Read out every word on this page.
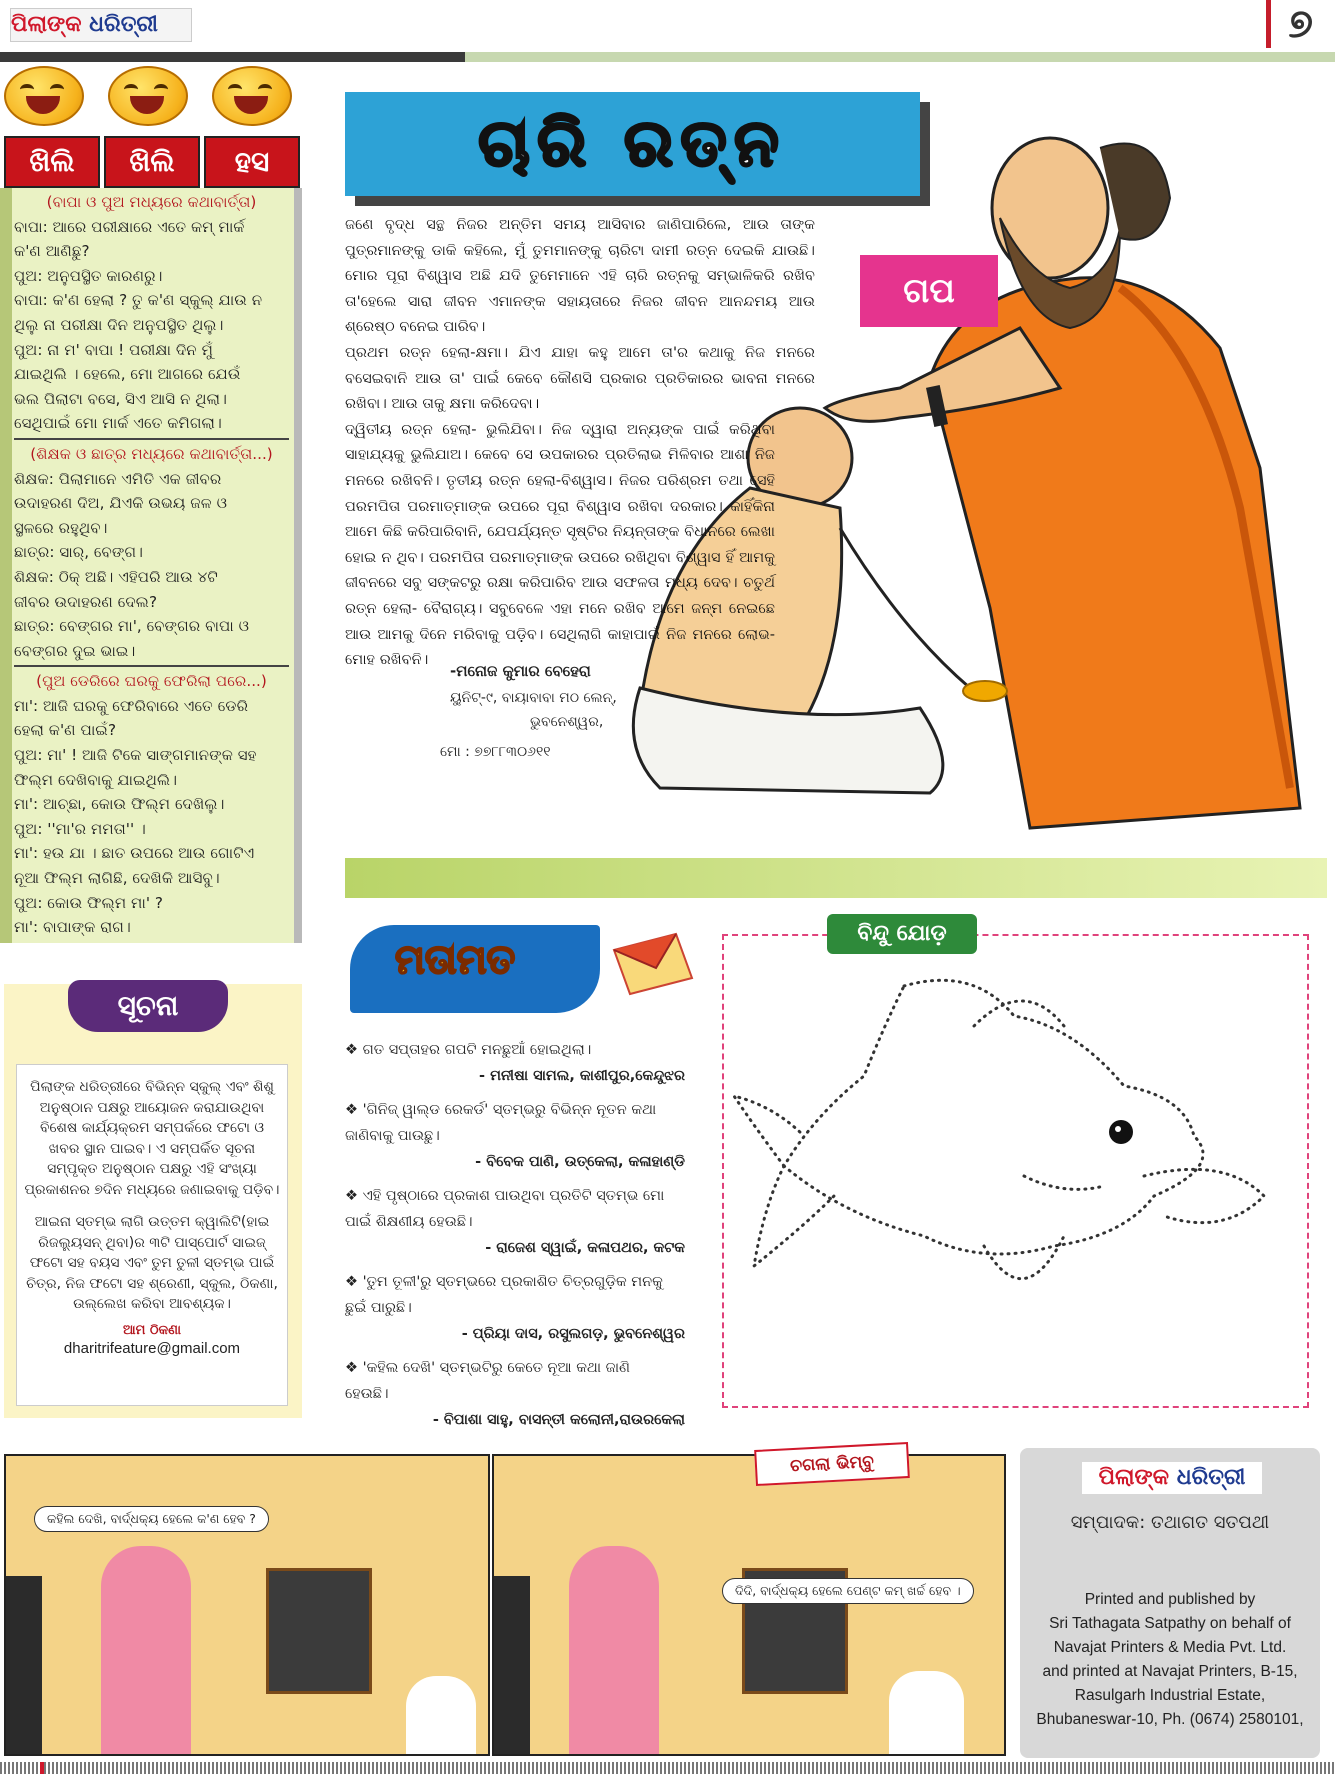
ପିଲାଙ୍କ ଧରିତ୍ରୀ	୭
ଖିଲି	ଖିଲି	ହସ
(ବାପା ଓ ପୁଅ ମଧ୍ୟରେ କଥାବାର୍ତ୍ତା)
ବାପା: ଆରେ ପରୀକ୍ଷାରେ ଏତେ କମ୍ ମାର୍କ
କ'ଣ ଆଣିଛୁ?
ପୁଅ: ଅନୁପସ୍ଥିତ କାରଣରୁ।
ବାପା: କ'ଣ ହେଲା ? ତୁ କ'ଣ ସ୍କୁଲ୍ ଯାଉ ନ
ଥିଲୁ ନା ପରୀକ୍ଷା ଦିନ ଅନୁପସ୍ଥିତ ଥିଲୁ।
ପୁଅ: ନା ମ' ବାପା ! ପରୀକ୍ଷା ଦିନ ମୁଁ
ଯାଇଥିଲି । ହେଲେ, ମୋ ଆଗରେ ଯେଉଁ
ଭଲ ପିଲାଟା ବସେ, ସିଏ ଆସି ନ ଥିଲା।
ସେଥିପାଇଁ ମୋ ମାର୍କ ଏତେ କମିଗଲା।
(ଶିକ୍ଷକ ଓ ଛାତ୍ର ମଧ୍ୟରେ କଥାବାର୍ତ୍ତା...)
ଶିକ୍ଷକ: ପିଲାମାନେ ଏମିତି ଏକ ଜୀବର
ଉଦାହରଣ ଦିଅ, ଯିଏକି ଉଭୟ ଜଳ ଓ
ସ୍ଥଳରେ ରହୁଥିବ।
ଛାତ୍ର: ସାର୍, ବେଙ୍ଗ।
ଶିକ୍ଷକ: ଠିକ୍ ଅଛି। ଏହିପରି ଆଉ ୪ଟି
ଜୀବର ଉଦାହରଣ ଦେଲ?
ଛାତ୍ର: ବେଙ୍ଗର ମା', ବେଙ୍ଗର ବାପା ଓ
ବେଙ୍ଗର ଦୁଇ ଭାଇ।
(ପୁଅ ଡେରିରେ ଘରକୁ ଫେରିଲା ପରେ...)
ମା': ଆଜି ଘରକୁ ଫେରିବାରେ ଏତେ ଡେରି
ହେଲା କ'ଣ ପାଇଁ?
ପୁଅ: ମା' ! ଆଜି ଟିକେ ସାଙ୍ଗମାନଙ୍କ ସହ
ଫିଲ୍ମ ଦେଖିବାକୁ ଯାଇଥିଲି।
ମା': ଆଚ୍ଛା, କୋଉ ଫିଲ୍ମ ଦେଖିଲୁ।
ପୁଅ: ''ମା'ର ମମତା'' ।
ମା': ହଉ ଯା । ଛାତ ଉପରେ ଆଉ ଗୋଟିଏ
ନୂଆ ଫିଲ୍ମ ଲାଗିଛି, ଦେଖିକି ଆସିବୁ।
ପୁଅ: କୋଉ ଫିଲ୍ମ ମା' ?
ମା': ବାପାଙ୍କ ରାଗ।
ସୂଚନା
ପିଲାଙ୍କ ଧରିତ୍ରୀରେ ବିଭିନ୍ନ ସ୍କୁଲ୍ ଏବଂ ଶିଶୁ ଅନୁଷ୍ଠାନ ପକ୍ଷରୁ ଆୟୋଜନ କରାଯାଉଥିବା ବିଶେଷ କାର୍ଯ୍ୟକ୍ରମ ସମ୍ପର୍କରେ ଫଟୋ ଓ ଖବର ସ୍ଥାନ ପାଇବ। ଏ ସମ୍ପର୍କିତ ସୂଚନା ସମ୍ପୃକ୍ତ ଅନୁଷ୍ଠାନ ପକ୍ଷରୁ ଏହି ସଂଖ୍ୟା ପ୍ରକାଶନର ୭ଦିନ ମଧ୍ୟରେ ଜଣାଇବାକୁ ପଡ଼ିବ।
ଆଇନା ସ୍ତମ୍ଭ ଲାଗି ଉତ୍ତମ କ୍ୱାଲିଟି(ହାଇ ରିଜଲ୍ୟୁସନ୍ ଥିବା)ର ୩ଟି ପାସ୍‌ପୋର୍ଟ ସାଇଜ୍ ଫଟୋ ସହ ବୟସ ଏବଂ ତୁମ ତୁଳୀ ସ୍ତମ୍ଭ ପାଇଁ ଚିତ୍ର, ନିଜ ଫଟୋ ସହ ଶ୍ରେଣୀ, ସ୍କୁଲ, ଠିକଣା, ଉଲ୍ଲେଖ କରିବା ଆବଶ୍ୟକ।
ଆମ ଠିକଣା
dharitrifeature@gmail.com
ଚାରି ରତ୍ନ
ଗପ

ଜଣେ ବୃଦ୍ଧ ସନ୍ଥ ନିଜର ଅନ୍ତିମ ସମୟ ଆସିବାର ଜାଣିପାରିଲେ, ଆଉ ତାଙ୍କ ପୁତ୍ରମାନଙ୍କୁ ଡାକି କହିଲେ, ମୁଁ ତୁମମାନଙ୍କୁ ଚାରିଟା ଦାମୀ ରତ୍ନ ଦେଇକି ଯାଉଛି। ମୋର ପୂରା ବିଶ୍ୱାସ ଅଛି ଯଦି ତୁମେମାନେ ଏହି ଚାରି ରତ୍ନକୁ ସମ୍ଭାଳିକରି ରଖିବ ତା'ହେଲେ ସାରା ଜୀବନ ଏମାନଙ୍କ ସହାୟତାରେ ନିଜର ଜୀବନ ଆନନ୍ଦମୟ ଆଉ ଶ୍ରେଷ୍ଠ ବନେଇ ପାରିବ।

ପ୍ରଥମ ରତ୍ନ ହେଲା-କ୍ଷମା। ଯିଏ ଯାହା କହୁ ଆମେ ତା'ର କଥାକୁ ନିଜ ମନରେ ବସେଇବାନି ଆଉ ତା' ପାଇଁ କେବେ କୌଣସି ପ୍ରକାର ପ୍ରତିକାରର ଭାବନା ମନରେ ରଖିବା। ଆଉ ତାକୁ କ୍ଷମା କରିଦେବା।

ଦ୍ୱିତୀୟ ରତ୍ନ ହେଲା- ଭୁଲିଯିବା। ନିଜ ଦ୍ୱାରା ଅନ୍ୟଙ୍କ ପାଇଁ କରିଥିବା ସାହାଯ୍ୟକୁ ଭୁଲିଯାଅ। କେବେ ସେ ଉପକାରର ପ୍ରତିଲାଭ ମିଳିବାର ଆଶା ନିଜ ମନରେ ରଖିବନି। ତୃତୀୟ ରତ୍ନ ହେଲା-ବିଶ୍ୱାସ। ନିଜର ପରିଶ୍ରମ ତଥା ସେହି ପରମପିତା ପରମାତ୍ମାଙ୍କ ଉପରେ ପୂରା ବିଶ୍ୱାସ ରଖିବା ଦରକାର। କାହିଁକିନା ଆମେ କିଛି କରିପାରିବାନି, ଯେପର୍ଯ୍ୟନ୍ତ ସୃଷ୍ଟିର ନିୟନ୍ତାଙ୍କ ବିଧାନରେ ଲେଖା ହୋଇ ନ ଥିବ। ପରମପିତା ପରମାତ୍ମାଙ୍କ ଉପରେ ରଖିଥିବା ବିଶ୍ୱାସ ହିଁ ଆମକୁ ଜୀବନରେ ସବୁ ସଙ୍କଟରୁ ରକ୍ଷା କରିପାରିବ ଆଉ ସଫଳତା ମଧ୍ୟ ଦେବ। ଚତୁର୍ଥ ରତ୍ନ ହେଲା- ବୈରାଗ୍ୟ। ସବୁବେଳେ ଏହା ମନେ ରଖିବ ଆମେ ଜନ୍ମ ନେଇଛେ ଆଉ ଆମକୁ ଦିନେ ମରିବାକୁ ପଡ଼ିବ। ସେଥିଲାଗି କାହାପାଇଁ ନିଜ ମନରେ ଲୋଭ-ମୋହ ରଖିବନି।

-ମନୋଜ କୁମାର ବେହେରା
ୟୁନିଟ୍-୯, ବାୟାବାବା ମଠ ଲେନ୍,
ଭୁବନେଶ୍ୱର,
ମୋ : ୭୭୮୮୩୦୬୧୧
ମତାମତ
❖ ଗତ ସପ୍ତାହର ଗପଟି ମନଛୁଆଁ ହୋଇଥିଲା।
- ମନୀଷା ସାମଲ, କାଶୀପୁର,କେନ୍ଦୁଝର
❖ 'ଗିନିଜ୍ ୱାଲ୍ଡ ରେକର୍ଡ' ସ୍ତମ୍ଭରୁ ବିଭିନ୍ନ ନୂତନ କଥା
ଜାଣିବାକୁ ପାଉଛୁ।
- ବିବେକ ପାଣି, ଉତ୍କେଲା, କଳାହାଣ୍ଡି
❖ ଏହି ପୃଷ୍ଠାରେ ପ୍ରକାଶ ପାଉଥିବା ପ୍ରତିଟି ସ୍ତମ୍ଭ ମୋ
ପାଇଁ ଶିକ୍ଷଣୀୟ ହେଉଛି।
- ରାଜେଶ ସ୍ୱାଇଁ, କଳାପଥର, କଟକ
❖ 'ତୁମ ତୂଳୀ'ରୁ ସ୍ତମ୍ଭରେ ପ୍ରକାଶିତ ଚିତ୍ରଗୁଡ଼ିକ ମନକୁ
ଛୁଇଁ ପାରୁଛି।
- ପ୍ରିୟା ଦାସ, ରସୁଲଗଡ଼, ଭୁବନେଶ୍ୱର
❖ 'କହିଲ ଦେଖି' ସ୍ତମ୍ଭଟିରୁ କେତେ ନୂଆ କଥା ଜାଣି
ହେଉଛି।
- ବିପାଶା ସାହୁ, ବାସନ୍ତୀ କଲୋନୀ,ରାଉରକେଲା
ବିନ୍ଦୁ ଯୋଡ଼
କହିଲ ଦେଖି, ବାର୍ଦ୍ଧକ୍ୟ ହେଲେ କ'ଣ ହେବ ?
ଦିଦି, ବାର୍ଦ୍ଧକ୍ୟ ହେଲେ ପେଣ୍ଟ କମ୍ ଖର୍ଚ୍ଚ ହେବ ।
ଚଗଲା ଭିମ୍ବୁ
ପିଲାଙ୍କ ଧରିତ୍ରୀ
ସମ୍ପାଦକ: ତଥାଗତ ସତପଥୀ
Printed and published by
Sri Tathagata Satpathy on behalf of
Navajat Printers & Media Pvt. Ltd.
and printed at Navajat Printers, B-15,
Rasulgarh Industrial Estate,
Bhubaneswar-10, Ph. (0674) 2580101,
